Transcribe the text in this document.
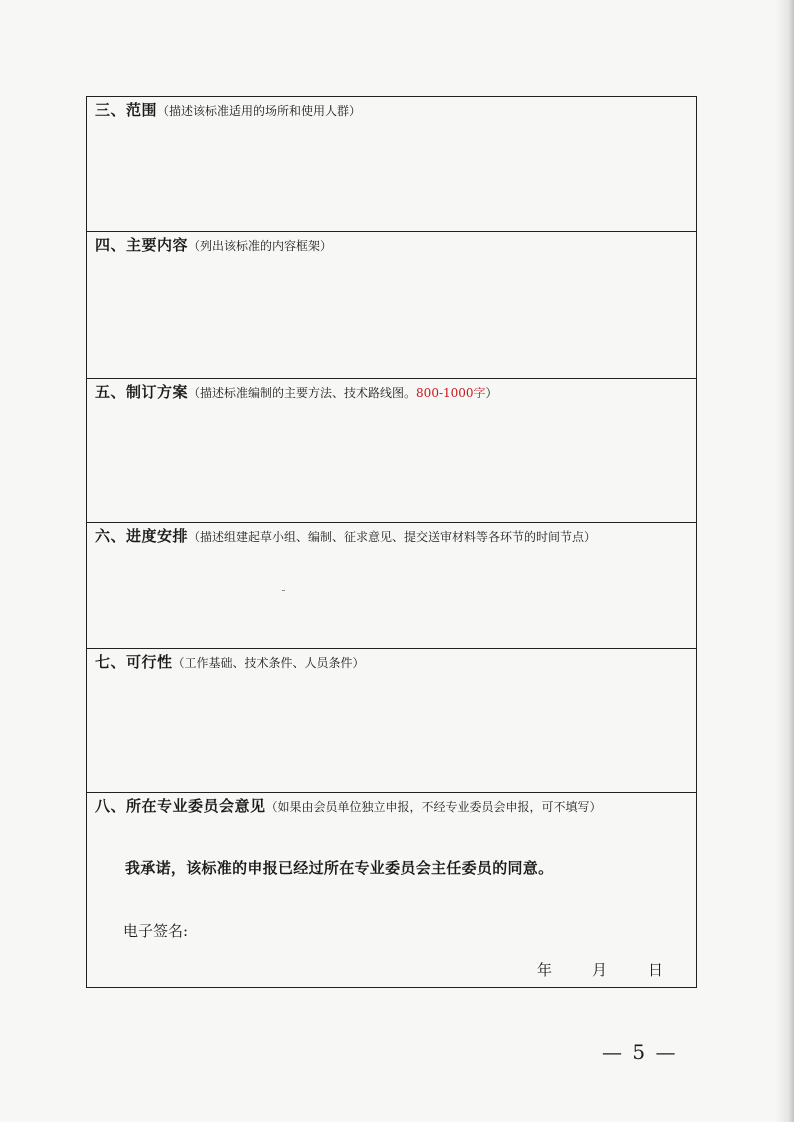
三、范围（描述该标准适用的场所和使用人群）
四、主要内容（列出该标准的内容框架）
五、制订方案（描述标准编制的主要方法、技术路线图。800-1000字）
六、进度安排（描述组建起草小组、编制、征求意见、提交送审材料等各环节的时间节点）
七、可行性（工作基础、技术条件、人员条件）
八、所在专业委员会意见（如果由会员单位独立申报，不经专业委员会申报，可不填写）
我承诺，该标准的申报已经过所在专业委员会主任委员的同意。
电子签名:
年	月	日
— 5 —
